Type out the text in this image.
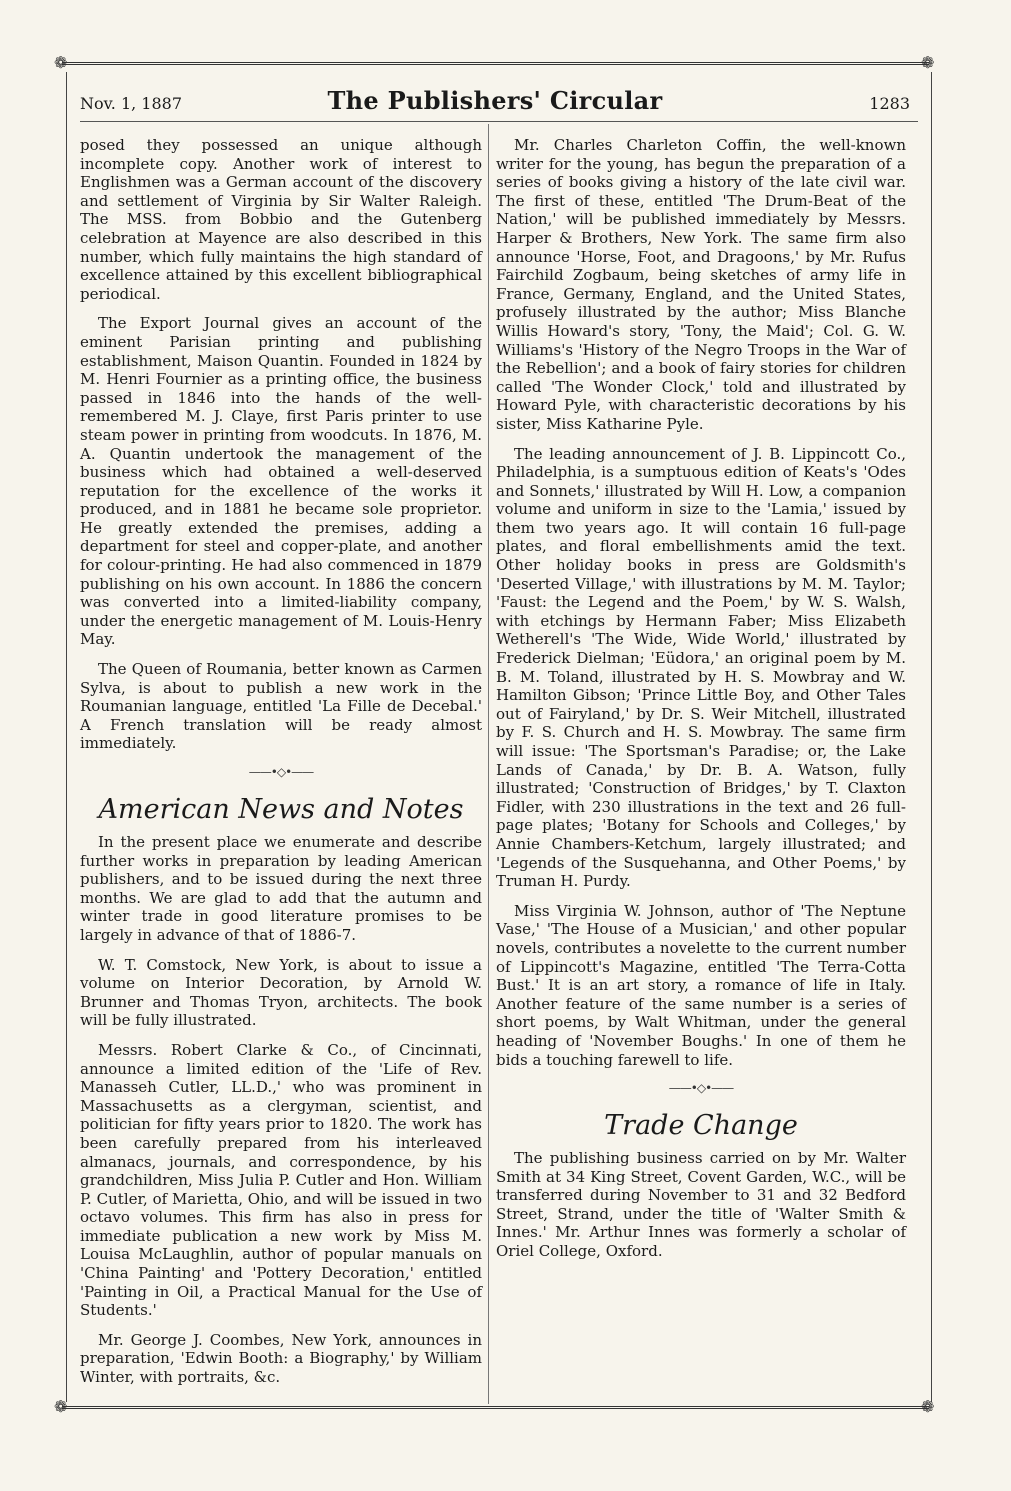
❁	❁
❁	❁
Nov. 1, 1887	The Publishers' Circular	1283

posed they possessed an unique although incomplete copy. Another work of interest to Englishmen was a German account of the discovery and settlement of Virginia by Sir Walter Raleigh. The MSS. from Bobbio and the Gutenberg celebration at Mayence are also described in this number, which fully maintains the high standard of excellence attained by this excellent bibliographical periodical.

The Export Journal gives an account of the eminent Parisian printing and publishing establishment, Maison Quantin. Founded in 1824 by M. Henri Fournier as a printing office, the business passed in 1846 into the hands of the well-remembered M. J. Claye, first Paris printer to use steam power in printing from woodcuts. In 1876, M. A. Quantin undertook the management of the business which had obtained a well-deserved reputation for the excellence of the works it produced, and in 1881 he became sole proprietor. He greatly extended the premises, adding a department for steel and copper-plate, and another for colour-printing. He had also commenced in 1879 publishing on his own account. In 1886 the concern was converted into a limited-liability company, under the energetic management of M. Louis-Henry May.

The Queen of Roumania, better known as Carmen Sylva, is about to publish a new work in the Roumanian language, entitled 'La Fille de Decebal.' A French translation will be ready almost immediately.

——•◇•——
American News and Notes

In the present place we enumerate and describe further works in preparation by leading American publishers, and to be issued during the next three months. We are glad to add that the autumn and winter trade in good literature promises to be largely in advance of that of 1886-7.

W. T. Comstock, New York, is about to issue a volume on Interior Decoration, by Arnold W. Brunner and Thomas Tryon, architects. The book will be fully illustrated.

Messrs. Robert Clarke & Co., of Cincinnati, announce a limited edition of the 'Life of Rev. Manasseh Cutler, LL.D.,' who was prominent in Massachusetts as a clergyman, scientist, and politician for fifty years prior to 1820. The work has been carefully prepared from his interleaved almanacs, journals, and correspondence, by his grandchildren, Miss Julia P. Cutler and Hon. William P. Cutler, of Marietta, Ohio, and will be issued in two octavo volumes. This firm has also in press for immediate publication a new work by Miss M. Louisa McLaughlin, author of popular manuals on 'China Painting' and 'Pottery Decoration,' entitled 'Painting in Oil, a Practical Manual for the Use of Students.'

Mr. George J. Coombes, New York, announces in preparation, 'Edwin Booth: a Biography,' by William Winter, with portraits, &c.

Mr. Charles Charleton Coffin, the well-known writer for the young, has begun the preparation of a series of books giving a history of the late civil war. The first of these, entitled 'The Drum-Beat of the Nation,' will be published immediately by Messrs. Harper & Brothers, New York. The same firm also announce 'Horse, Foot, and Dragoons,' by Mr. Rufus Fairchild Zogbaum, being sketches of army life in France, Germany, England, and the United States, profusely illustrated by the author; Miss Blanche Willis Howard's story, 'Tony, the Maid'; Col. G. W. Williams's 'History of the Negro Troops in the War of the Rebellion'; and a book of fairy stories for children called 'The Wonder Clock,' told and illustrated by Howard Pyle, with characteristic decorations by his sister, Miss Katharine Pyle.

The leading announcement of J. B. Lippincott Co., Philadelphia, is a sumptuous edition of Keats's 'Odes and Sonnets,' illustrated by Will H. Low, a companion volume and uniform in size to the 'Lamia,' issued by them two years ago. It will contain 16 full-page plates, and floral embellishments amid the text. Other holiday books in press are Goldsmith's 'Deserted Village,' with illustrations by M. M. Taylor; 'Faust: the Legend and the Poem,' by W. S. Walsh, with etchings by Hermann Faber; Miss Elizabeth Wetherell's 'The Wide, Wide World,' illustrated by Frederick Dielman; 'Eüdora,' an original poem by M. B. M. Toland, illustrated by H. S. Mowbray and W. Hamilton Gibson; 'Prince Little Boy, and Other Tales out of Fairyland,' by Dr. S. Weir Mitchell, illustrated by F. S. Church and H. S. Mowbray. The same firm will issue: 'The Sportsman's Paradise; or, the Lake Lands of Canada,' by Dr. B. A. Watson, fully illustrated; 'Construction of Bridges,' by T. Claxton Fidler, with 230 illustrations in the text and 26 full-page plates; 'Botany for Schools and Colleges,' by Annie Chambers-Ketchum, largely illustrated; and 'Legends of the Susquehanna, and Other Poems,' by Truman H. Purdy.

Miss Virginia W. Johnson, author of 'The Neptune Vase,' 'The House of a Musician,' and other popular novels, contributes a novelette to the current number of Lippincott's Magazine, entitled 'The Terra-Cotta Bust.' It is an art story, a romance of life in Italy. Another feature of the same number is a series of short poems, by Walt Whitman, under the general heading of 'November Boughs.' In one of them he bids a touching farewell to life.

——•◇•——
Trade Change

The publishing business carried on by Mr. Walter Smith at 34 King Street, Covent Garden, W.C., will be transferred during November to 31 and 32 Bedford Street, Strand, under the title of 'Walter Smith & Innes.' Mr. Arthur Innes was formerly a scholar of Oriel College, Oxford.
